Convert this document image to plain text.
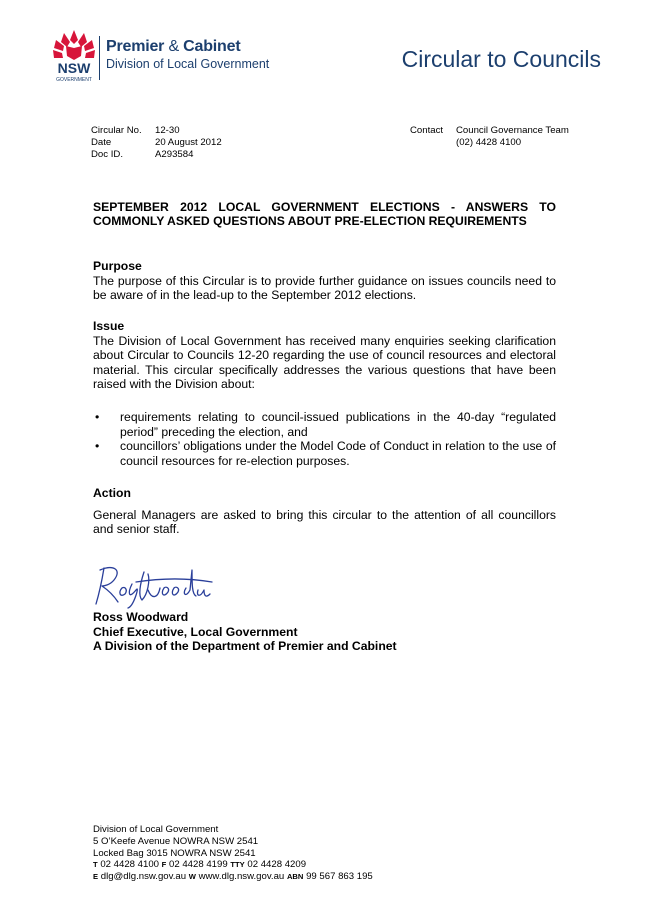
NSW
GOVERNMENT
Premier & Cabinet
Division of Local Government	Circular to Councils
Circular No.	12-30
Date	20 August 2012
Doc ID.	A293584
Contact	Council Governance Team
(02) 4428 4100
SEPTEMBER 2012 LOCAL GOVERNMENT ELECTIONS - ANSWERS TO COMMONLY ASKED QUESTIONS ABOUT PRE-ELECTION REQUIREMENTS
Purpose

The purpose of this Circular is to provide further guidance on issues councils need to be aware of in the lead-up to the September 2012 elections.

Issue

The Division of Local Government has received many enquiries seeking clarification about Circular to Councils 12-20 regarding the use of council resources and electoral material. This circular specifically addresses the various questions that have been raised with the Division about:

• requirements relating to council-issued publications in the 40-day “regulated period” preceding the election, and
• councillors’ obligations under the Model Code of Conduct in relation to the use of council resources for re-election purposes.
Action

General Managers are asked to bring this circular to the attention of all councillors and senior staff.

Ross Woodward
Chief Executive, Local Government
A Division of the Department of Premier and Cabinet
Division of Local Government
5 O’Keefe Avenue NOWRA NSW 2541
Locked Bag 3015 NOWRA NSW 2541
T 02 4428 4100 F 02 4428 4199 TTY 02 4428 4209
E dlg@dlg.nsw.gov.au W www.dlg.nsw.gov.au ABN 99 567 863 195
